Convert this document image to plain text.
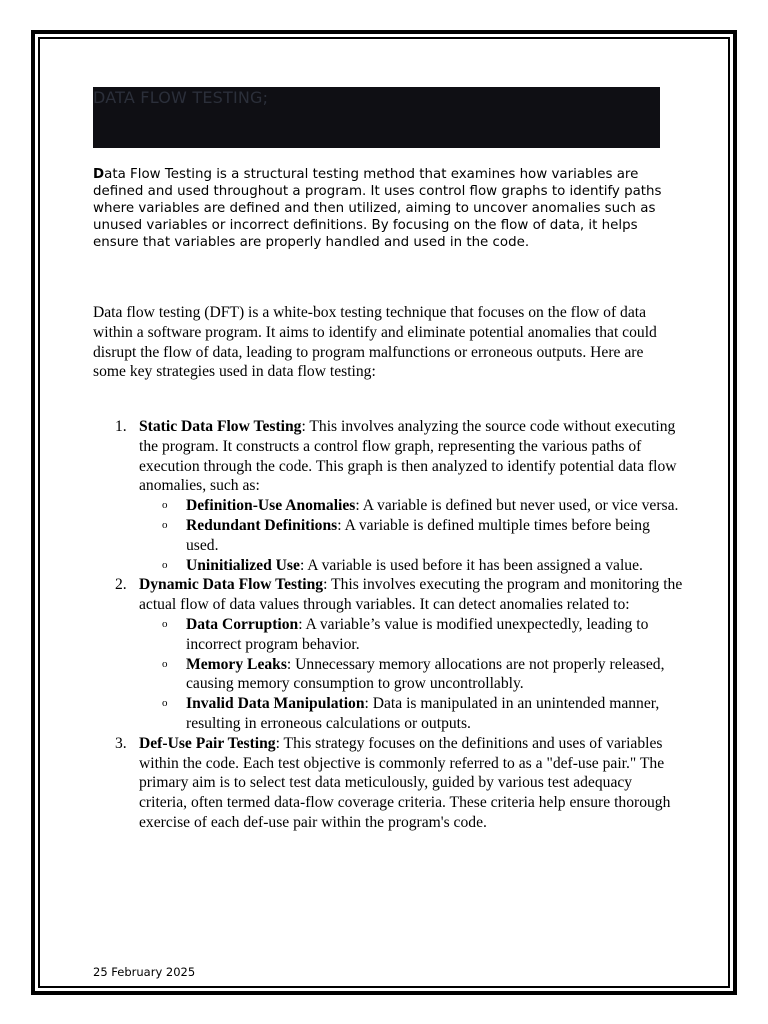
• DATA FLOW TESTING;

Data Flow Testing is a structural testing method that examines how variables are defined and used throughout a program. It uses control flow graphs to identify paths where variables are defined and then utilized, aiming to uncover anomalies such as unused variables or incorrect definitions. By focusing on the flow of data, it helps ensure that variables are properly handled and used in the code.

Data flow testing (DFT) is a white-box testing technique that focuses on the flow of data within a software program. It aims to identify and eliminate potential anomalies that could disrupt the flow of data, leading to program malfunctions or erroneous outputs. Here are some key strategies used in data flow testing:

1. Static Data Flow Testing: This involves analyzing the source code without executing the program. It constructs a control flow graph, representing the various paths of execution through the code. This graph is then analyzed to identify potential data flow anomalies, such as:
o Definition-Use Anomalies: A variable is defined but never used, or vice versa.
o Redundant Definitions: A variable is defined multiple times before being used.
o Uninitialized Use: A variable is used before it has been assigned a value.
2. Dynamic Data Flow Testing: This involves executing the program and monitoring the actual flow of data values through variables. It can detect anomalies related to:
o Data Corruption: A variable’s value is modified unexpectedly, leading to incorrect program behavior.
o Memory Leaks: Unnecessary memory allocations are not properly released, causing memory consumption to grow uncontrollably.
o Invalid Data Manipulation: Data is manipulated in an unintended manner, resulting in erroneous calculations or outputs.
3. Def-Use Pair Testing: This strategy focuses on the definitions and uses of variables within the code. Each test objective is commonly referred to as a "def-use pair." The primary aim is to select test data meticulously, guided by various test adequacy criteria, often termed data-flow coverage criteria. These criteria help ensure thorough exercise of each def-use pair within the program's code.
25 February 2025
